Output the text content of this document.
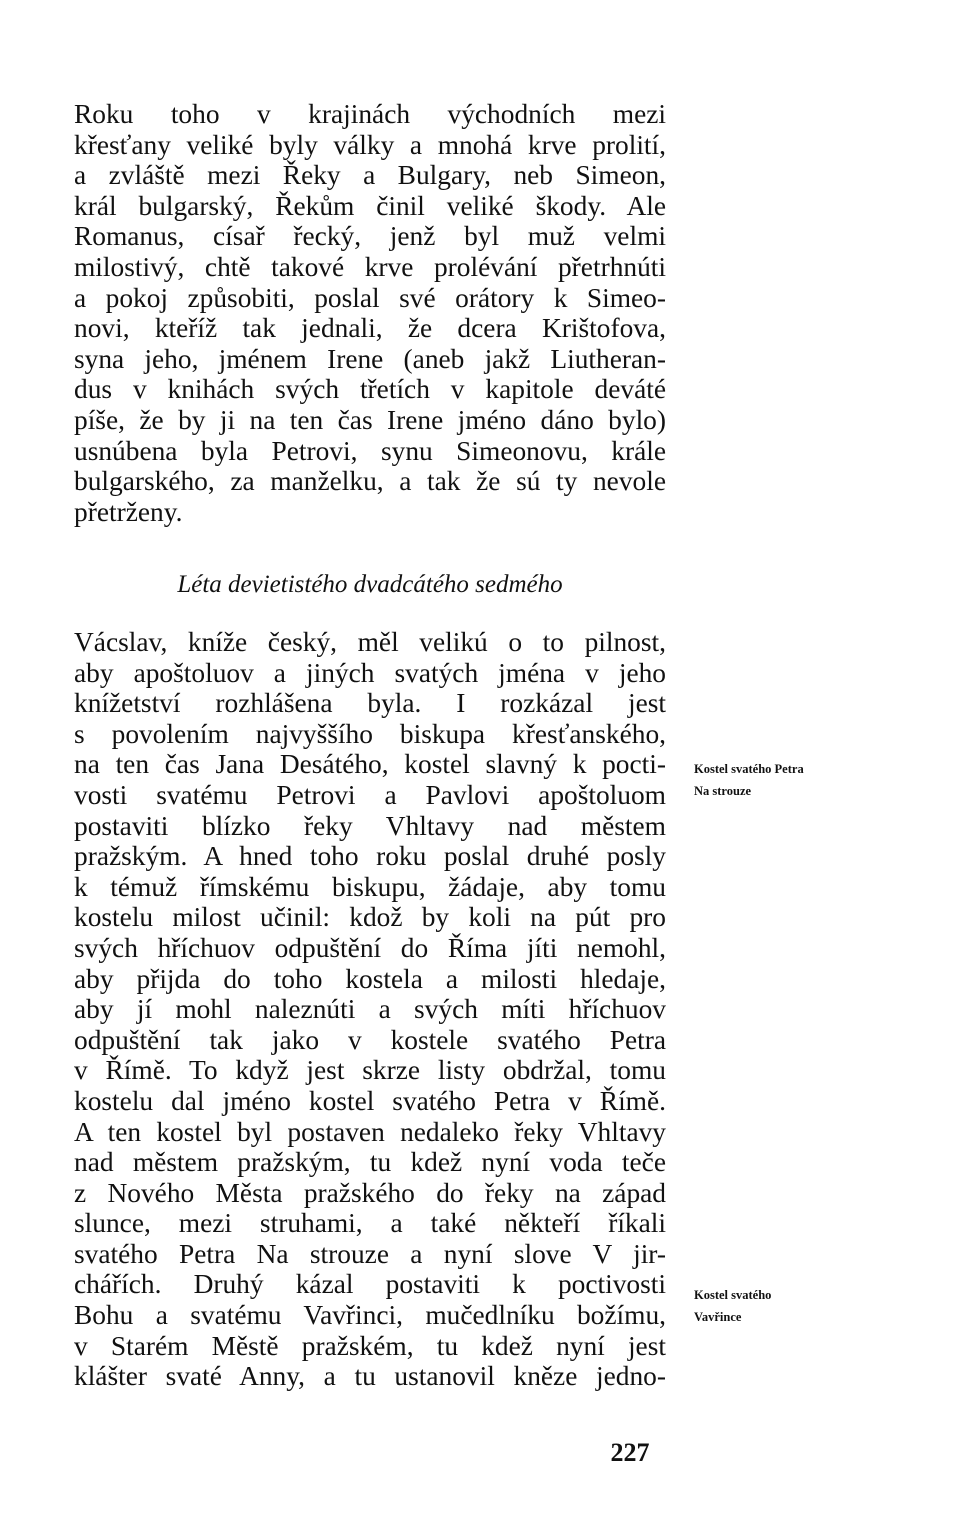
Roku toho v krajinách východních mezi
křesťany veliké byly války a mnohá krve prolití,
a zvláště mezi Řeky a Bulgary, neb Simeon,
král bulgarský, Řekům činil veliké škody. Ale
Romanus, císař řecký, jenž byl muž velmi
milostivý, chtě takové krve prolévání přetrhnúti
a pokoj způsobiti, poslal své orátory k Simeo-
novi, kteříž tak jednali, že dcera Krištofova,
syna jeho, jménem Irene (aneb jakž Liutheran-
dus v knihách svých třetích v kapitole deváté
píše, že by ji na ten čas Irene jméno dáno bylo)
usnúbena byla Petrovi, synu Simeonovu, krále
bulgarského, za manželku, a tak že sú ty nevole
přetrženy.
Léta devietistého dvadcátého sedmého
Vácslav, kníže český, měl velikú o to pilnost,
aby apoštoluov a jiných svatých jména v jeho
knížetství rozhlášena byla. I rozkázal jest
s povolením najvyššího biskupa křesťanského,
na ten čas Jana Desátého, kostel slavný k pocti-
vosti svatému Petrovi a Pavlovi apoštoluom
postaviti blízko řeky Vhltavy nad městem
pražským. A hned toho roku poslal druhé posly
k témuž římskému biskupu, žádaje, aby tomu
kostelu milost učinil: kdož by koli na pút pro
svých hříchuov odpuštění do Říma jíti nemohl,
aby přijda do toho kostela a milosti hledaje,
aby jí mohl naleznúti a svých míti hříchuov
odpuštění tak jako v kostele svatého Petra
v Římě. To když jest skrze listy obdržal, tomu
kostelu dal jméno kostel svatého Petra v Římě.
A ten kostel byl postaven nedaleko řeky Vhltavy
nad městem pražským, tu kdež nyní voda teče
z Nového Města pražského do řeky na západ
slunce, mezi struhami, a také někteří říkali
svatého Petra Na strouze a nyní slove V jir-
chářích. Druhý kázal postaviti k poctivosti
Bohu a svatému Vavřinci, mučedlníku božímu,
v Starém Městě pražském, tu kdež nyní jest
klášter svaté Anny, a tu ustanovil kněze jedno-
Kostel svatého Petra
Na strouze
Kostel svatého
Vavřince
227
